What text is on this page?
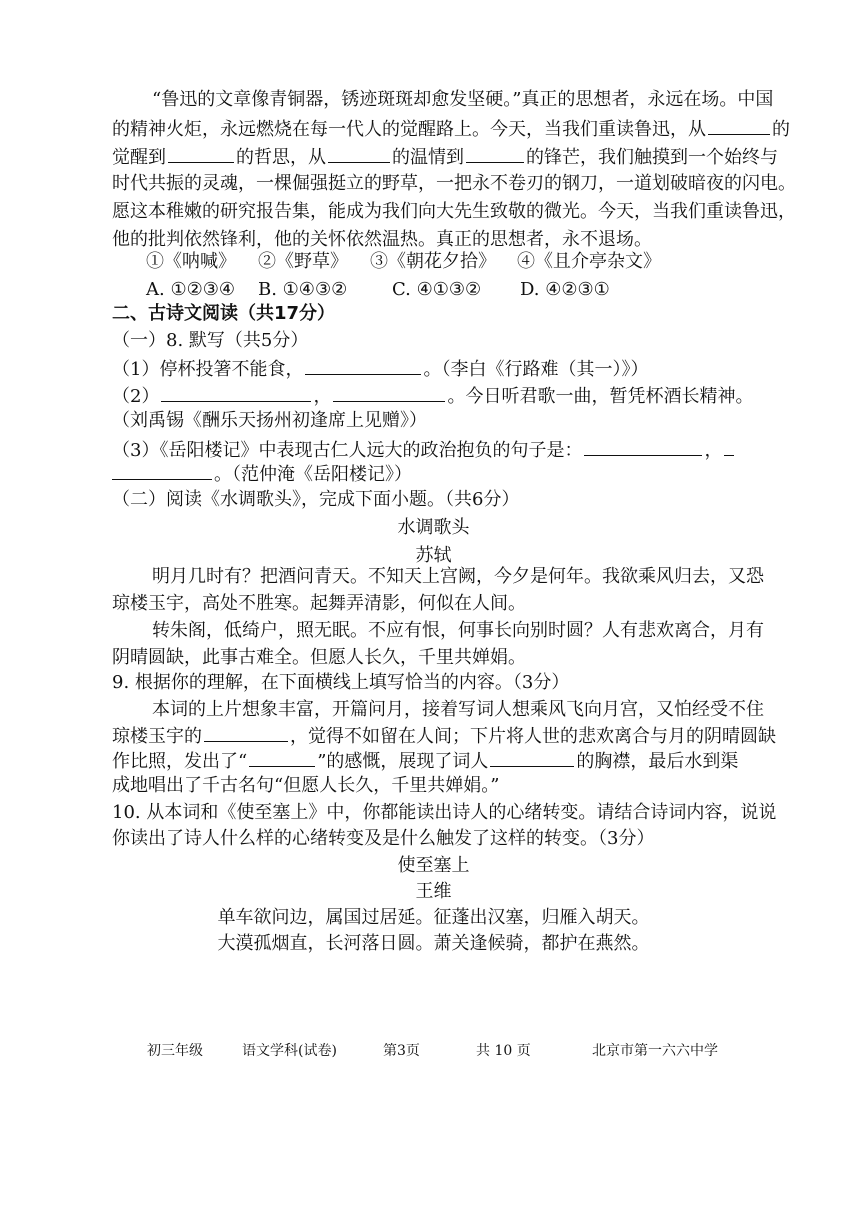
“鲁迅的文章像青铜器，锈迹斑斑却愈发坚硬。”真正的思想者，永远在场。中国
的精神火炬，永远燃烧在每一代人的觉醒路上。今天，当我们重读鲁迅，从	的
觉醒到	的哲思，从	的温情到	的锋芒，我们触摸到一个始终与
时代共振的灵魂，一棵倔强挺立的野草，一把永不卷刃的钢刀，一道划破暗夜的闪电。
愿这本稚嫩的研究报告集，能成为我们向大先生致敬的微光。今天，当我们重读鲁迅，
他的批判依然锋利，他的关怀依然温热。真正的思想者，永不退场。
①《呐喊》 ②《野草》 ③《朝花夕拾》 ④《且介亭杂文》
A. ①②③④ B. ①④③② C. ④①③② D. ④②③①
二、古诗文阅读（共17分）
（一）8. 默写（共5分）
（1）停杯投箸不能食，	。（李白《行路难（其一）》）
（2）	，	。今日听君歌一曲，暂凭杯酒长精神。
（刘禹锡《酬乐天扬州初逢席上见赠》）
（3）《岳阳楼记》中表现古仁人远大的政治抱负的句子是：	，
。（范仲淹《岳阳楼记》）
（二）阅读《水调歌头》，完成下面小题。（共6分）
水调歌头
苏轼
明月几时有？把酒问青天。不知天上宫阙，今夕是何年。我欲乘风归去，又恐
琼楼玉宇，高处不胜寒。起舞弄清影，何似在人间。
转朱阁，低绮户，照无眠。不应有恨，何事长向别时圆？人有悲欢离合，月有
阴晴圆缺，此事古难全。但愿人长久，千里共婵娟。
9. 根据你的理解，在下面横线上填写恰当的内容。（3分）
本词的上片想象丰富，开篇问月，接着写词人想乘风飞向月宫，又怕经受不住
琼楼玉宇的	，觉得不如留在人间；下片将人世的悲欢离合与月的阴晴圆缺
作比照，发出了“	”的感慨，展现了词人	的胸襟，最后水到渠
成地唱出了千古名句“但愿人长久，千里共婵娟。”
10. 从本词和《使至塞上》中，你都能读出诗人的心绪转变。请结合诗词内容，说说
你读出了诗人什么样的心绪转变及是什么触发了这样的转变。（3分）
使至塞上
王维
单车欲问边，属国过居延。征蓬出汉塞，归雁入胡天。
大漠孤烟直，长河落日圆。萧关逢候骑，都护在燕然。
初三年级	语文学科(试卷)	第3页	共 10 页	北京市第一六六中学
